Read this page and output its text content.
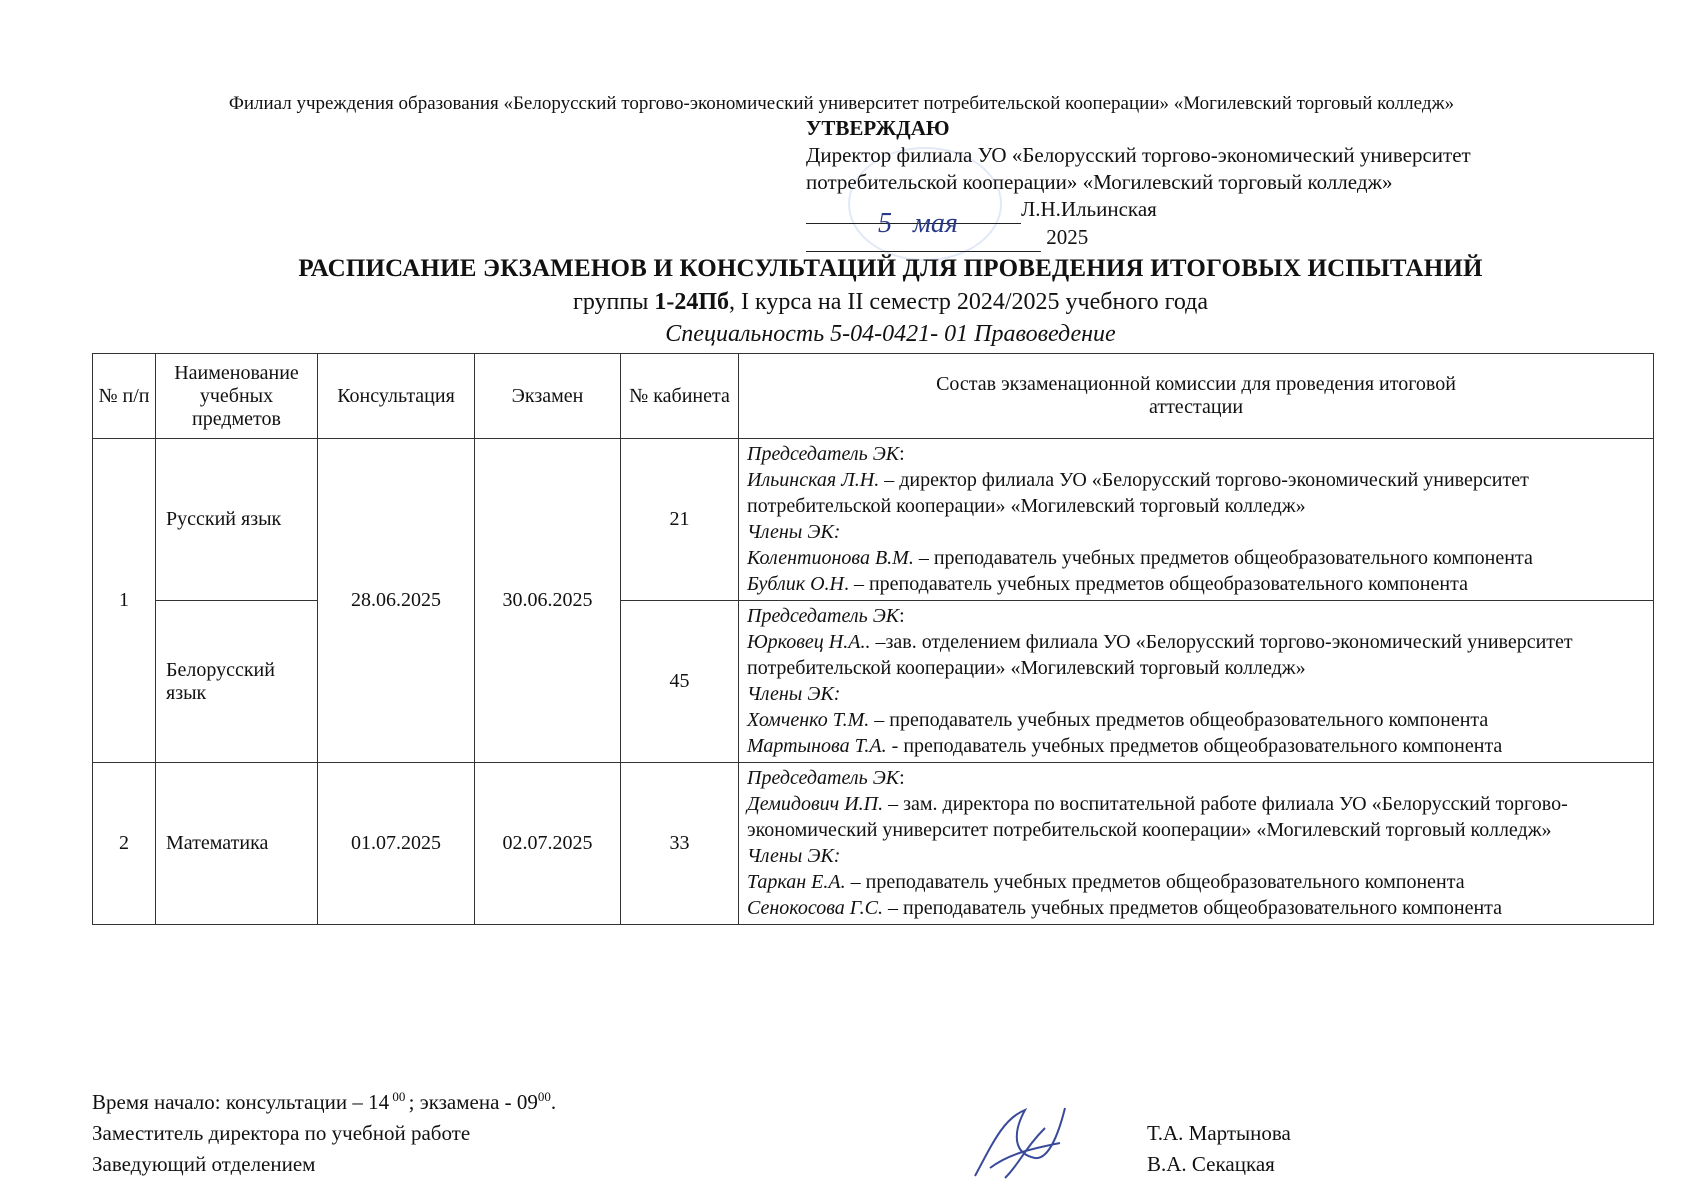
Филиал учреждения образования «Белорусский торгово-экономический университет потребительской кооперации» «Могилевский торговый колледж»
УТВЕРЖДАЮ
Директор филиала УО «Белорусский торгово-экономический университет
потребительской кооперации» «Могилевский торговый колледж»
Л.Н.Ильинская
2025
5 мая
РАСПИСАНИЕ ЭКЗАМЕНОВ И КОНСУЛЬТАЦИЙ ДЛЯ ПРОВЕДЕНИЯ ИТОГОВЫХ ИСПЫТАНИЙ
группы 1-24Пб, I курса на II семестр 2024/2025 учебного года
Специальность 5-04-0421- 01 Правоведение
№ п/п	Наименование учебных предметов	Консультация	Экзамен	№ кабинета	Состав экзаменационной комиссии для проведения итоговой аттестации

1	Русский язык	28.06.2025	30.06.2025	21	Председатель ЭК:
Ильинская Л.Н. – директор филиала УО «Белорусский торгово-экономический университет потребительской кооперации» «Могилевский торговый колледж»
Члены ЭК:
Колентионова В.М. – преподаватель учебных предметов общеобразовательного компонента
Бублик О.Н. – преподаватель учебных предметов общеобразовательного компонента

	Белорусский язык			45	Председатель ЭК:
Юрковец Н.А.. –зав. отделением филиала УО «Белорусский торгово-экономический университет потребительской кооперации» «Могилевский торговый колледж»
Члены ЭК:
Хомченко Т.М. – преподаватель учебных предметов общеобразовательного компонента
Мартынова Т.А. - преподаватель учебных предметов общеобразовательного компонента

2	Математика	01.07.2025	02.07.2025	33	Председатель ЭК:
Демидович И.П. – зам. директора по воспитательной работе филиала УО «Белорусский торгово-экономический университет потребительской кооперации» «Могилевский торговый колледж»
Члены ЭК:
Таркан Е.А. – преподаватель учебных предметов общеобразовательного компонента
Сенокосова Г.С. – преподаватель учебных предметов общеобразовательного компонента
Время начало: консультации – 14 $^{00}$ ; экзамена - $09^{00}$.
Заместитель директора по учебной работе	Т.А. Мартынова
Заведующий отделением	В.А. Секацкая
